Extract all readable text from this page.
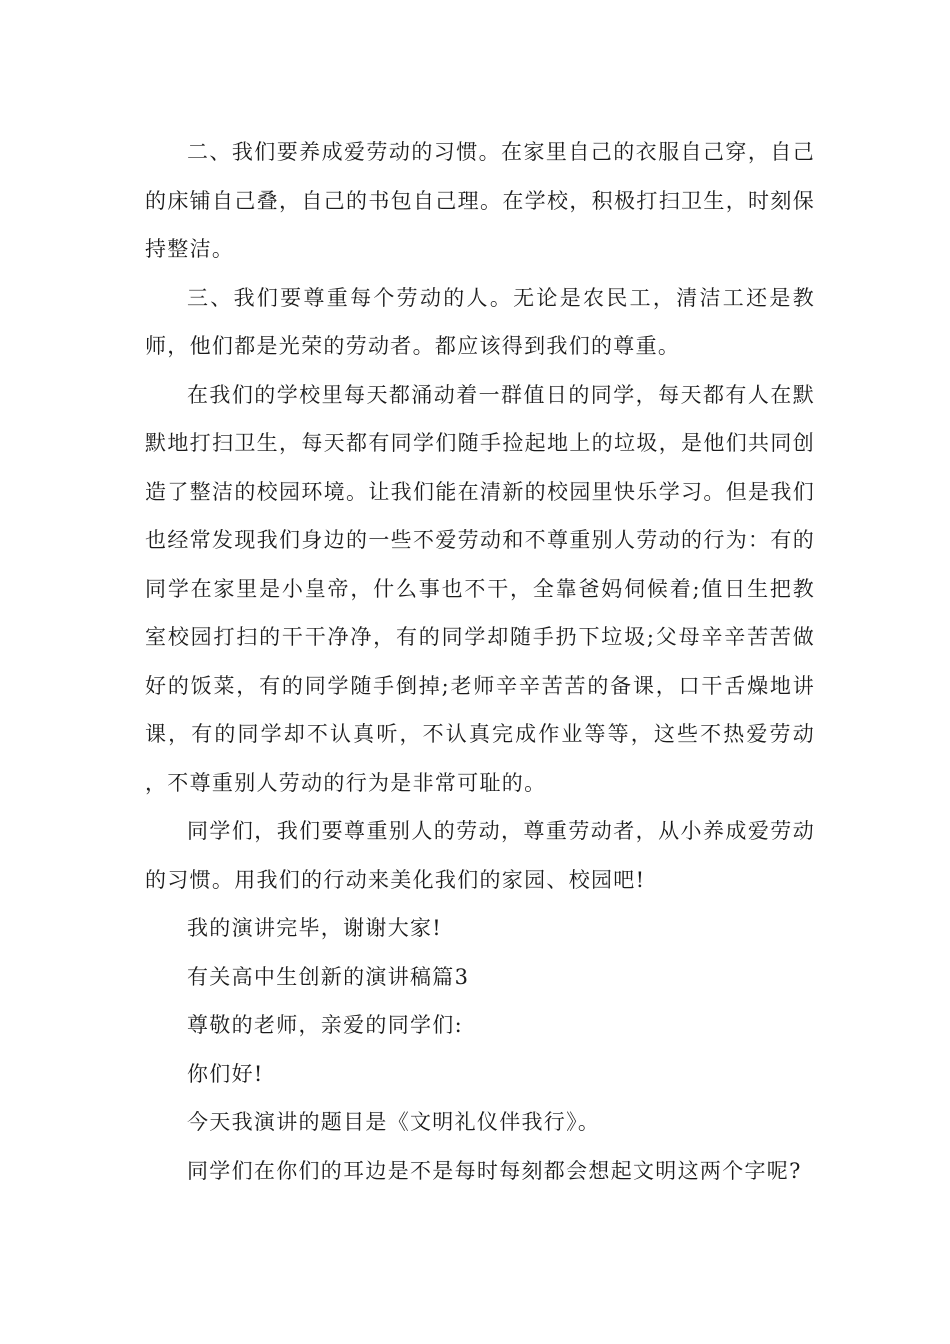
二、我们要养成爱劳动的习惯。在家里自己的衣服自己穿，自己的床铺自己叠，自己的书包自己理。在学校，积极打扫卫生，时刻保持整洁。

三、我们要尊重每个劳动的人。无论是农民工，清洁工还是教师，他们都是光荣的劳动者。都应该得到我们的尊重。

在我们的学校里每天都涌动着一群值日的同学，每天都有人在默默地打扫卫生，每天都有同学们随手捡起地上的垃圾，是他们共同创造了整洁的校园环境。让我们能在清新的校园里快乐学习。但是我们也经常发现我们身边的一些不爱劳动和不尊重别人劳动的行为：有的同学在家里是小皇帝，什么事也不干，全靠爸妈伺候着;值日生把教室校园打扫的干干净净，有的同学却随手扔下垃圾;父母辛辛苦苦做好的饭菜，有的同学随手倒掉;老师辛辛苦苦的备课，口干舌燥地讲课，有的同学却不认真听，不认真完成作业等等，这些不热爱劳动 ，不尊重别人劳动的行为是非常可耻的。

同学们，我们要尊重别人的劳动，尊重劳动者，从小养成爱劳动的习惯。用我们的行动来美化我们的家园、校园吧!

我的演讲完毕，谢谢大家!

有关高中生创新的演讲稿篇3

尊敬的老师，亲爱的同学们:

你们好!

今天我演讲的题目是《文明礼仪伴我行》。

同学们在你们的耳边是不是每时每刻都会想起文明这两个字呢?
